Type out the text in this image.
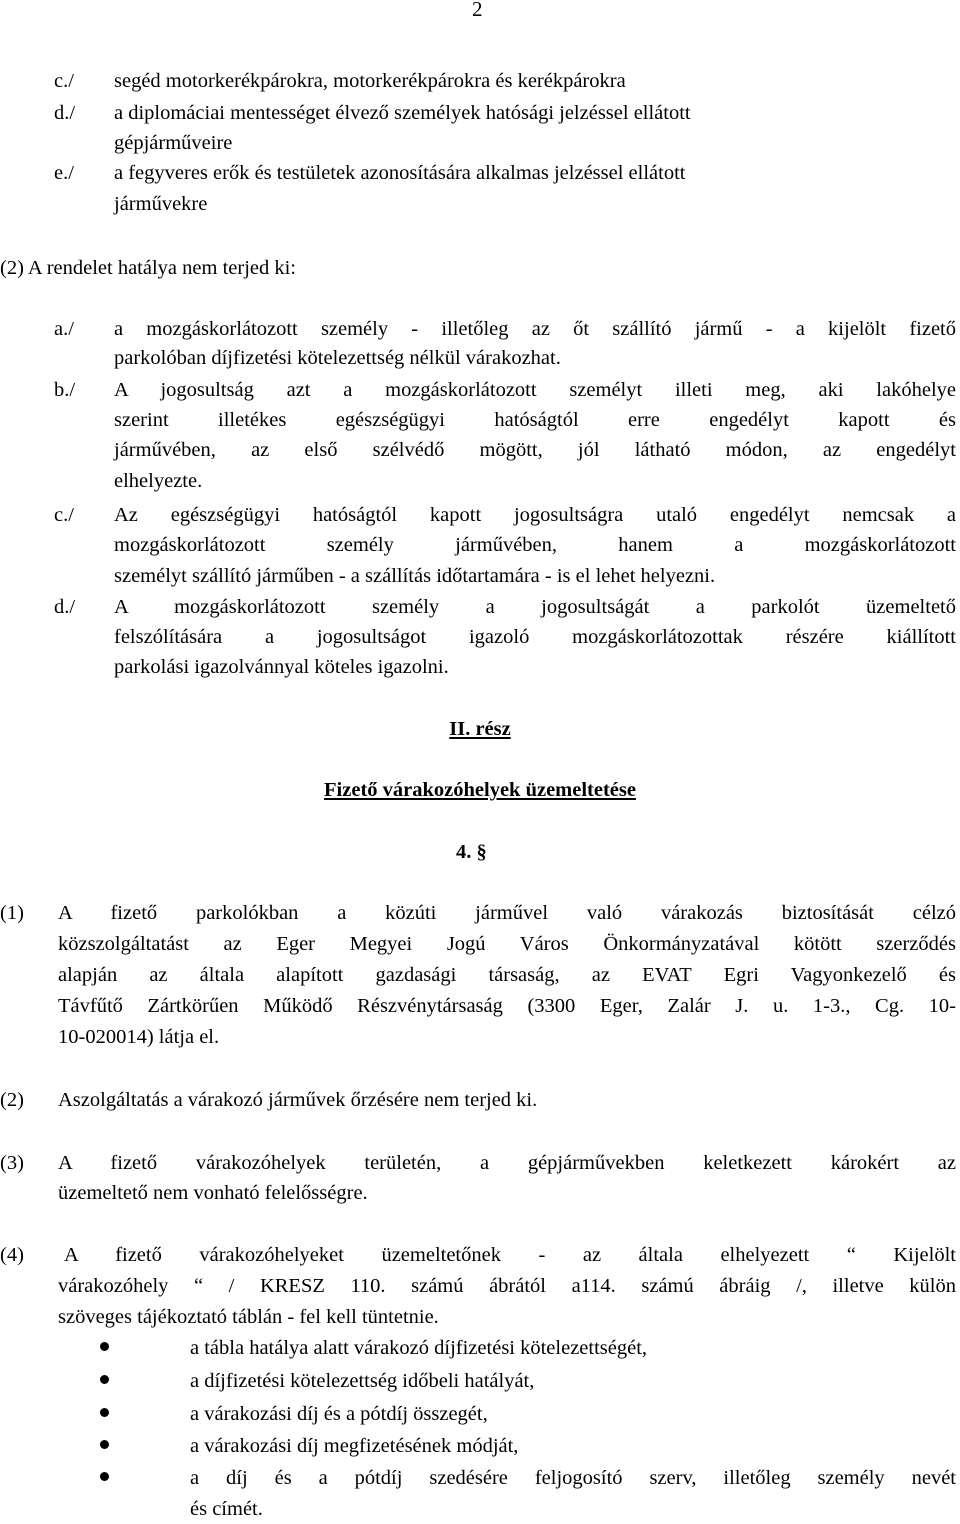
2
c./ segéd motorkerékpárokra, motorkerékpárokra és kerékpárokra
d./ a diplomáciai mentességet élvező személyek hatósági jelzéssel ellátott
gépjárműveire
e./ a fegyveres erők és testületek azonosítására alkalmas jelzéssel ellátott
járművekre
(2) A rendelet hatálya nem terjed ki:
a./ a mozgáskorlátozott személy - illetőleg az őt szállító jármű - a kijelölt fizető
parkolóban díjfizetési kötelezettség nélkül várakozhat.
b./ A jogosultság azt a mozgáskorlátozott személyt illeti meg, aki lakóhelye
szerint illetékes egészségügyi hatóságtól erre engedélyt kapott és
járművében, az első szélvédő mögött, jól látható módon, az engedélyt
elhelyezte.
c./ Az egészségügyi hatóságtól kapott jogosultságra utaló engedélyt nemcsak a
mozgáskorlátozott személy járművében, hanem a mozgáskorlátozott
személyt szállító járműben - a szállítás időtartamára - is el lehet helyezni.
d./ A mozgáskorlátozott személy a jogosultságát a parkolót üzemeltető
felszólítására a jogosultságot igazoló mozgáskorlátozottak részére kiállított
parkolási igazolvánnyal köteles igazolni.
II. rész
Fizető várakozóhelyek üzemeltetése
4. §
(1) A fizető parkolókban a közúti járművel való várakozás biztosítását célzó
közszolgáltatást az Eger Megyei Jogú Város Önkormányzatával kötött szerződés
alapján az általa alapított gazdasági társaság, az EVAT Egri Vagyonkezelő és
Távfűtő Zártkörűen Működő Részvénytársaság (3300 Eger, Zalár J. u. 1-3., Cg. 10-
10-020014) látja el.
(2) Aszolgáltatás a várakozó járművek őrzésére nem terjed ki.
(3) A fizető várakozóhelyek területén, a gépjárművekben keletkezett károkért az
üzemeltető nem vonható felelősségre.
(4) A fizető várakozóhelyeket üzemeltetőnek - az általa elhelyezett “ Kijelölt
várakozóhely “ / KRESZ 110. számú ábrától a114. számú ábráig /, illetve külön
szöveges tájékoztató táblán - fel kell tüntetnie.
a tábla hatálya alatt várakozó díjfizetési kötelezettségét,
a díjfizetési kötelezettség időbeli hatályát,
a várakozási díj és a pótdíj összegét,
a várakozási díj megfizetésének módját,
a díj és a pótdíj szedésére feljogosító szerv, illetőleg személy nevét
és címét.
